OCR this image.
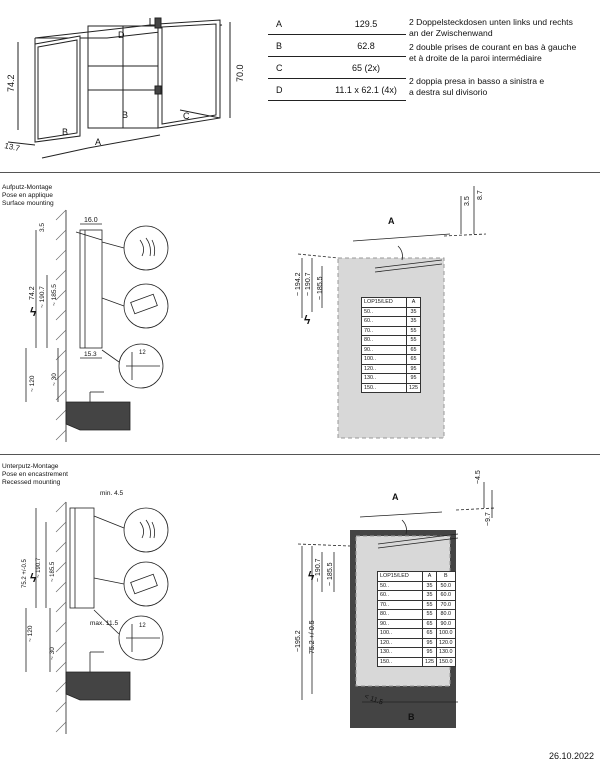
D
A
B
B	C
74.2
70.0
13.7
A	129.5
B	62.8
C	65 (2x)
D	11.1 x 62.1 (4x)
2 Doppelsteckdosen unten links und rechts an der Zwischenwand
2 double prises de courant en bas à gauche et à droite de la paroi intermédiaire
2 doppia presa in basso a sinistra e a destra sul divisorio
Aufputz-Montage
Pose en applique
Surface mounting
16.0
3.5
74.2 ~ 190.7 ~ 185.5
15.3	12
~ 120 ~ 30
ϟ
A
3.5
8.7
~ 194.2 ~ 190.7 ~ 185.5
ϟ
LOP15/LED	A
50..	35
60..	35
70..	55
80..	55
90..	65
100..	65
120..	95
130..	95
150..	125
Unterputz-Montage
Pose en encastrement
Recessed mounting
min. 4.5
75.2 +/-0.5 ~ 190.7 ~ 185.5
max. 11.5	12
~ 120
~ 30
ϟ
A
B
~4.5
~9.7
~195.2
~ 190.7 ~ 185.5
75.2 +/-0.5
< 11.5
ϟ	LOP15/LED	A	B
50..	35	50.0
60..	35	60.0
70..	55	70.0
80..	55	80.0
90..	65	90.0
100..	65	100.0
120..	95	120.0
130..	95	130.0
150..	125	150.0
26.10.2022
